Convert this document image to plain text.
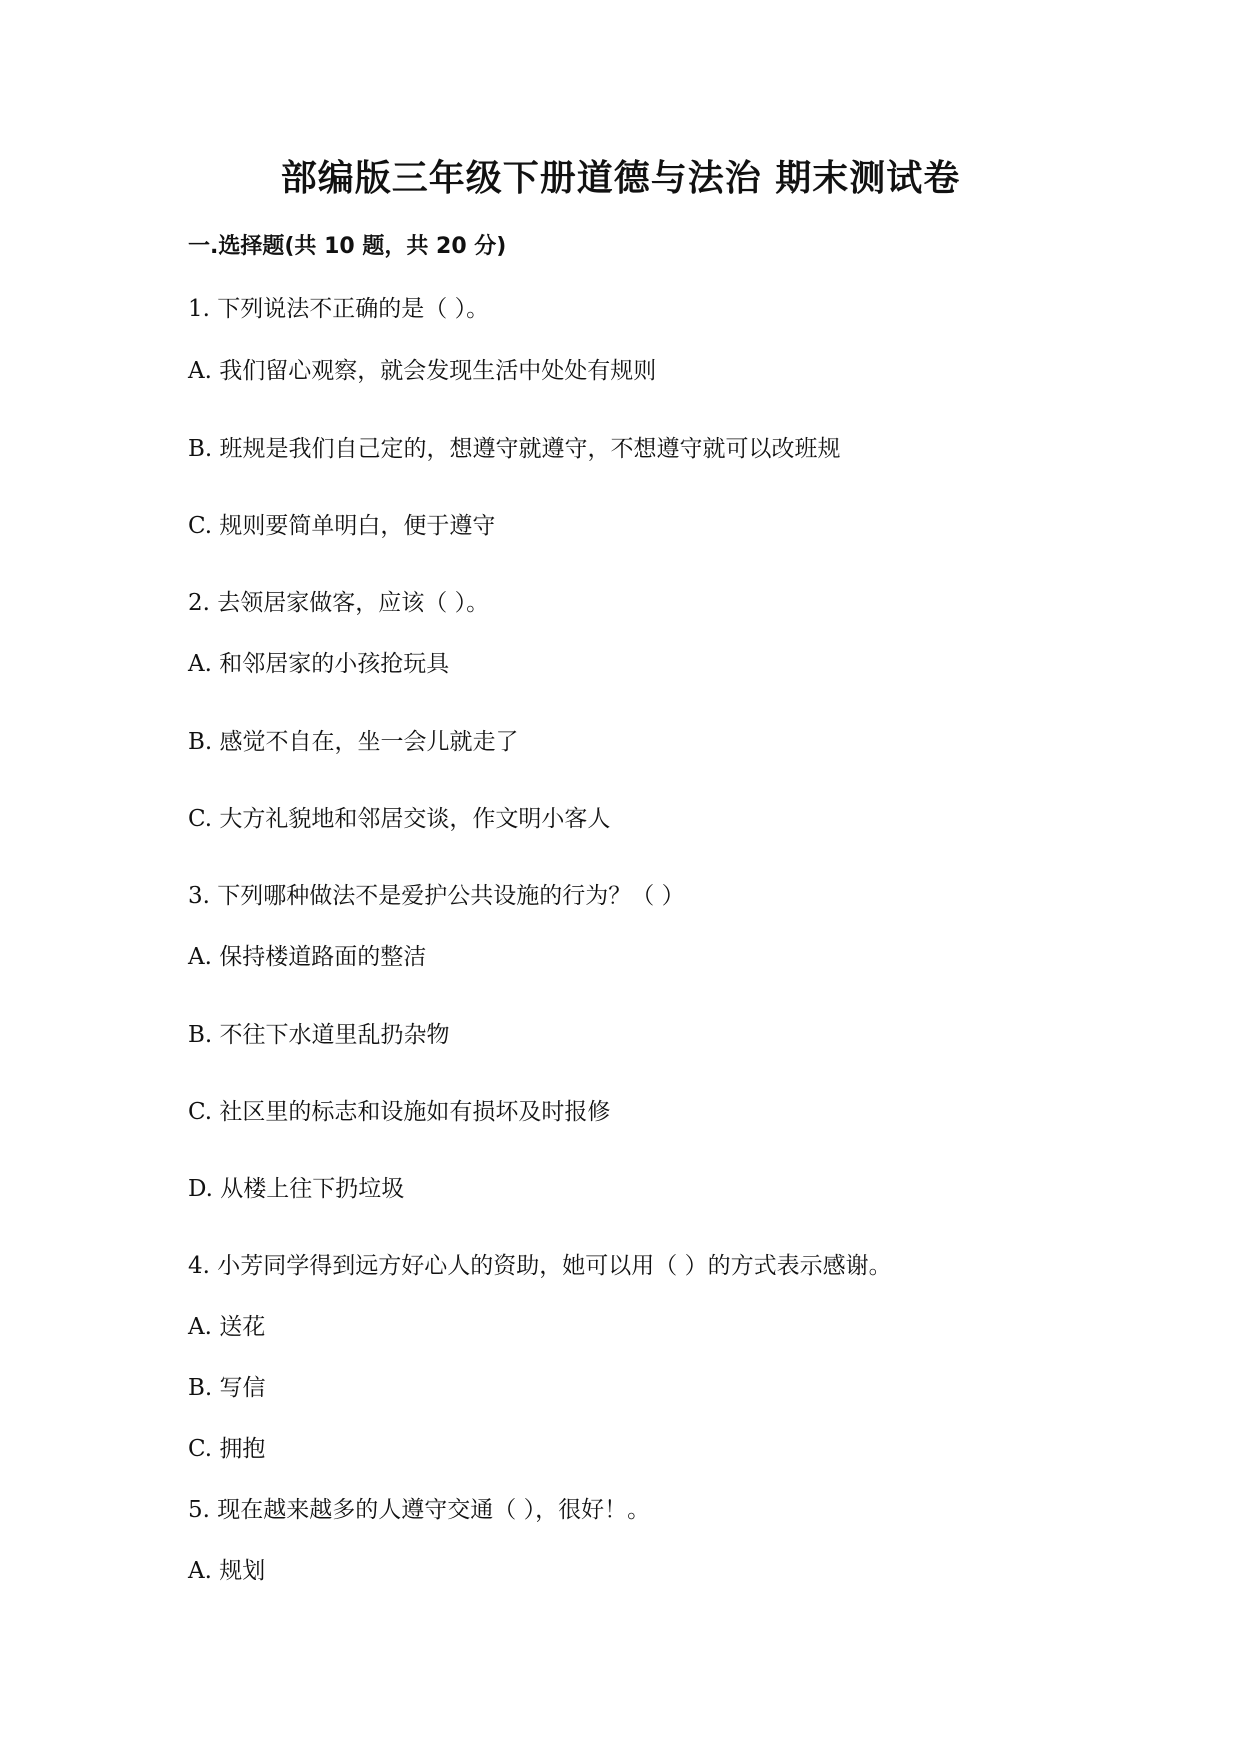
部编版三年级下册道德与法治 期末测试卷
一.选择题(共 10 题，共 20 分)
1. 下列说法不正确的是（ ）。
A. 我们留心观察，就会发现生活中处处有规则
B. 班规是我们自己定的，想遵守就遵守，不想遵守就可以改班规
C. 规则要简单明白，便于遵守
2. 去领居家做客，应该（ ）。
A. 和邻居家的小孩抢玩具
B. 感觉不自在，坐一会儿就走了
C. 大方礼貌地和邻居交谈，作文明小客人
3. 下列哪种做法不是爱护公共设施的行为？（ ）
A. 保持楼道路面的整洁
B. 不往下水道里乱扔杂物
C. 社区里的标志和设施如有损坏及时报修
D. 从楼上往下扔垃圾
4. 小芳同学得到远方好心人的资助，她可以用（ ）的方式表示感谢。
A. 送花
B. 写信
C. 拥抱
5. 现在越来越多的人遵守交通（ ），很好！。
A. 规划
